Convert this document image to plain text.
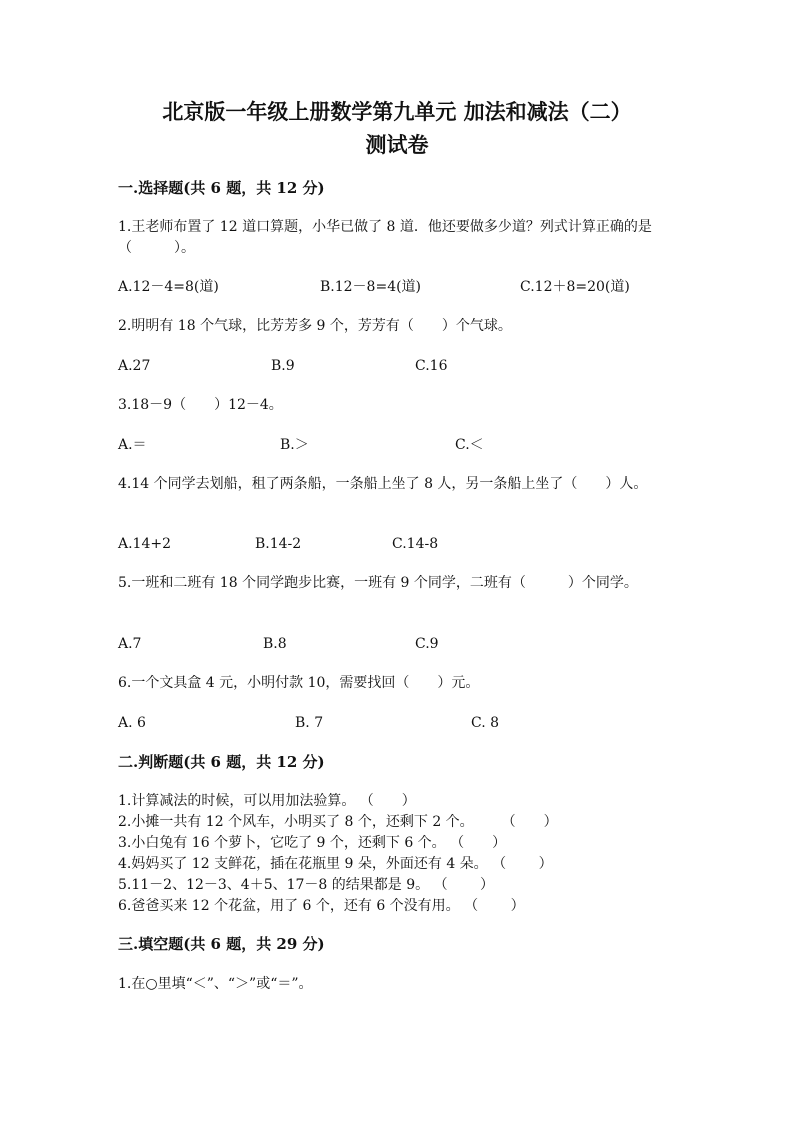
北京版一年级上册数学第九单元 加法和减法（二）
测试卷
一.选择题(共 6 题，共 12 分)
1.王老师布置了 12 道口算题，小华已做了 8 道．他还要做多少道？列式计算正确的是（　　　）。
A.12－4=8(道)	B.12－8=4(道)	C.12＋8=20(道)
2.明明有 18 个气球，比芳芳多 9 个，芳芳有（　　）个气球。
A.27	B.9	C.16
3.18－9（　　）12－4。
A.＝	B.＞	C.＜
4.14 个同学去划船，租了两条船，一条船上坐了 8 人，另一条船上坐了（　　）人。
A.14+2	B.14-2	C.14-8
5.一班和二班有 18 个同学跑步比赛，一班有 9 个同学，二班有（　　　）个同学。
A.7	B.8	C.9
6.一个文具盒 4 元，小明付款 10，需要找回（　　）元。
A. 6	B. 7	C. 8
二.判断题(共 6 题，共 12 分)
1.计算减法的时候，可以用加法验算。 （　　）
2.小摊一共有 12 个风车，小明买了 8 个，还剩下 2 个。　　　（　　）
3.小白兔有 16 个萝卜，它吃了 9 个，还剩下 6 个。 （　　）
4.妈妈买了 12 支鲜花，插在花瓶里 9 朵，外面还有 4 朵。 （　　 ）
5.11－2、12－3、4＋5、17－8 的结果都是 9。 （　　 ）
6.爸爸买来 12 个花盆，用了 6 个，还有 6 个没有用。 （　　 ）
三.填空题(共 6 题，共 29 分)
1.在○里填“＜”、“＞”或“＝”。
